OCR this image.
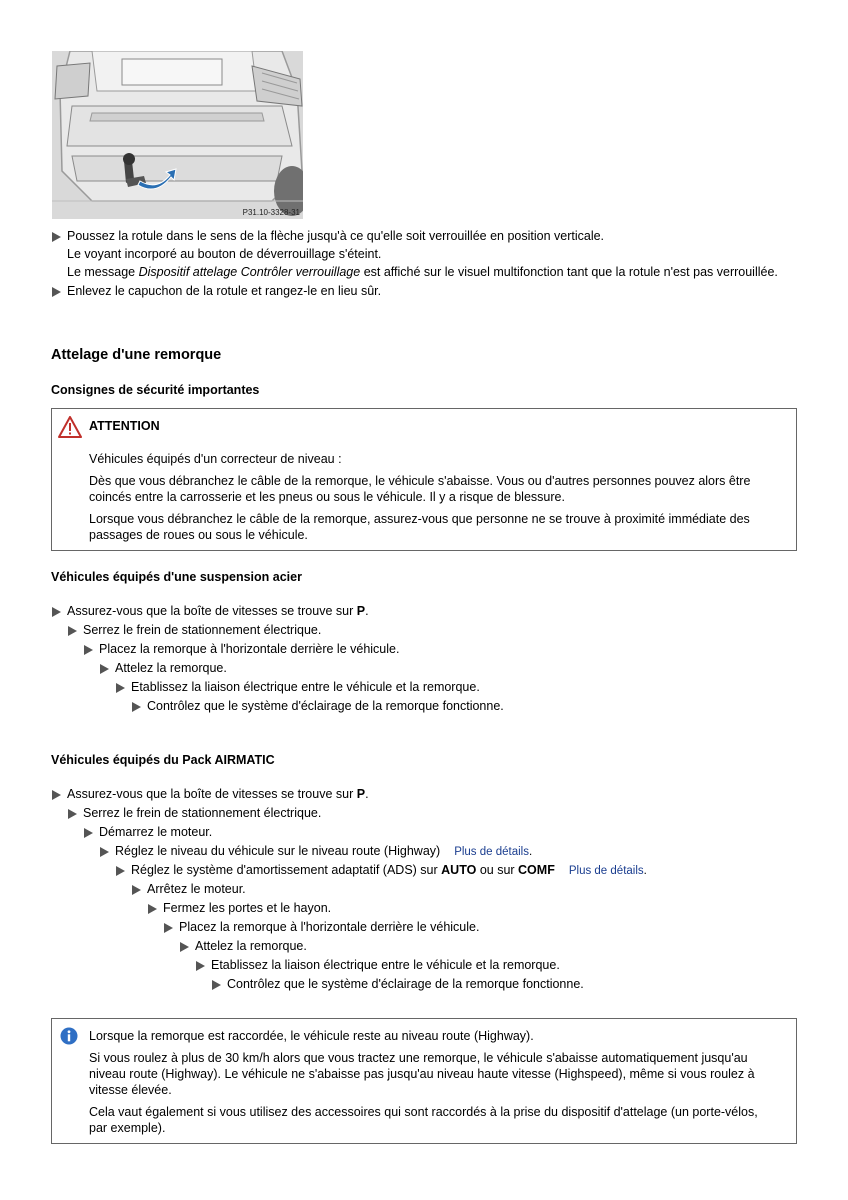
P31.10-3328-31
Poussez la rotule dans le sens de la flèche jusqu'à ce qu'elle soit verrouillée en position verticale.
Le voyant incorporé au bouton de déverrouillage s'éteint.
Le message Dispositif attelage Contrôler verrouillage est affiché sur le visuel multifonction tant que la rotule n'est pas verrouillée.
Enlevez le capuchon de la rotule et rangez-le en lieu sûr.
Attelage d'une remorque
Consignes de sécurité importantes
ATTENTION

Véhicules équipés d'un correcteur de niveau :

Dès que vous débranchez le câble de la remorque, le véhicule s'abaisse. Vous ou d'autres personnes pouvez alors être

coincés entre la carrosserie et les pneus ou sous le véhicule. Il y a risque de blessure.

Lorsque vous débranchez le câble de la remorque, assurez-vous que personne ne se trouve à proximité immédiate des

passages de roues ou sous le véhicule.

Véhicules équipés d'une suspension acier
Assurez-vous que la boîte de vitesses se trouve sur P.
Serrez le frein de stationnement électrique.
Placez la remorque à l'horizontale derrière le véhicule.
Attelez la remorque.
Etablissez la liaison électrique entre le véhicule et la remorque.
Contrôlez que le système d'éclairage de la remorque fonctionne.
Véhicules équipés du Pack AIRMATIC
Assurez-vous que la boîte de vitesses se trouve sur P.
Serrez le frein de stationnement électrique.
Démarrez le moteur.
Réglez le niveau du véhicule sur le niveau route (Highway) Plus de détails.
Réglez le système d'amortissement adaptatif (ADS) sur AUTO ou sur COMF Plus de détails.
Arrêtez le moteur.
Fermez les portes et le hayon.
Placez la remorque à l'horizontale derrière le véhicule.
Attelez la remorque.
Etablissez la liaison électrique entre le véhicule et la remorque.
Contrôlez que le système d'éclairage de la remorque fonctionne.

Lorsque la remorque est raccordée, le véhicule reste au niveau route (Highway).

Si vous roulez à plus de 30 km/h alors que vous tractez une remorque, le véhicule s'abaisse automatiquement jusqu'au

niveau route (Highway). Le véhicule ne s'abaisse pas jusqu'au niveau haute vitesse (Highspeed), même si vous roulez à

vitesse élevée.

Cela vaut également si vous utilisez des accessoires qui sont raccordés à la prise du dispositif d'attelage (un porte-vélos,

par exemple).
